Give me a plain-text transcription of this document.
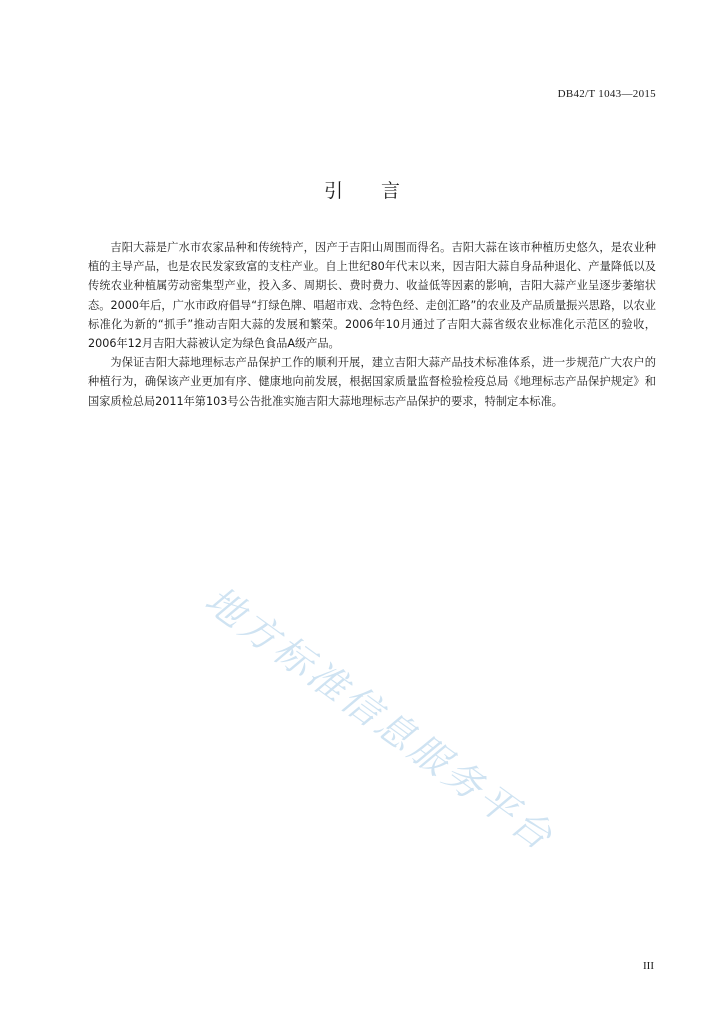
DB42/T 1043—2015
引言

吉阳大蒜是广水市农家品种和传统特产，因产于吉阳山周围而得名。吉阳大蒜在该市种植历史悠久，是农业种植的主导产品，也是农民发家致富的支柱产业。自上世纪80年代末以来，因吉阳大蒜自身品种退化、产量降低以及传统农业种植属劳动密集型产业，投入多、周期长、费时费力、收益低等因素的影响，吉阳大蒜产业呈逐步萎缩状态。2000年后，广水市政府倡导“打绿色牌、唱超市戏、念特色经、走创汇路”的农业及产品质量振兴思路，以农业标准化为新的“抓手”推动吉阳大蒜的发展和繁荣。2006年10月通过了吉阳大蒜省级农业标准化示范区的验收，2006年12月吉阳大蒜被认定为绿色食品A级产品。

为保证吉阳大蒜地理标志产品保护工作的顺利开展，建立吉阳大蒜产品技术标准体系，进一步规范广大农户的种植行为，确保该产业更加有序、健康地向前发展，根据国家质量监督检验检疫总局《地理标志产品保护规定》和国家质检总局2011年第103号公告批准实施吉阳大蒜地理标志产品保护的要求，特制定本标准。

地方标准信息服务平台
III
